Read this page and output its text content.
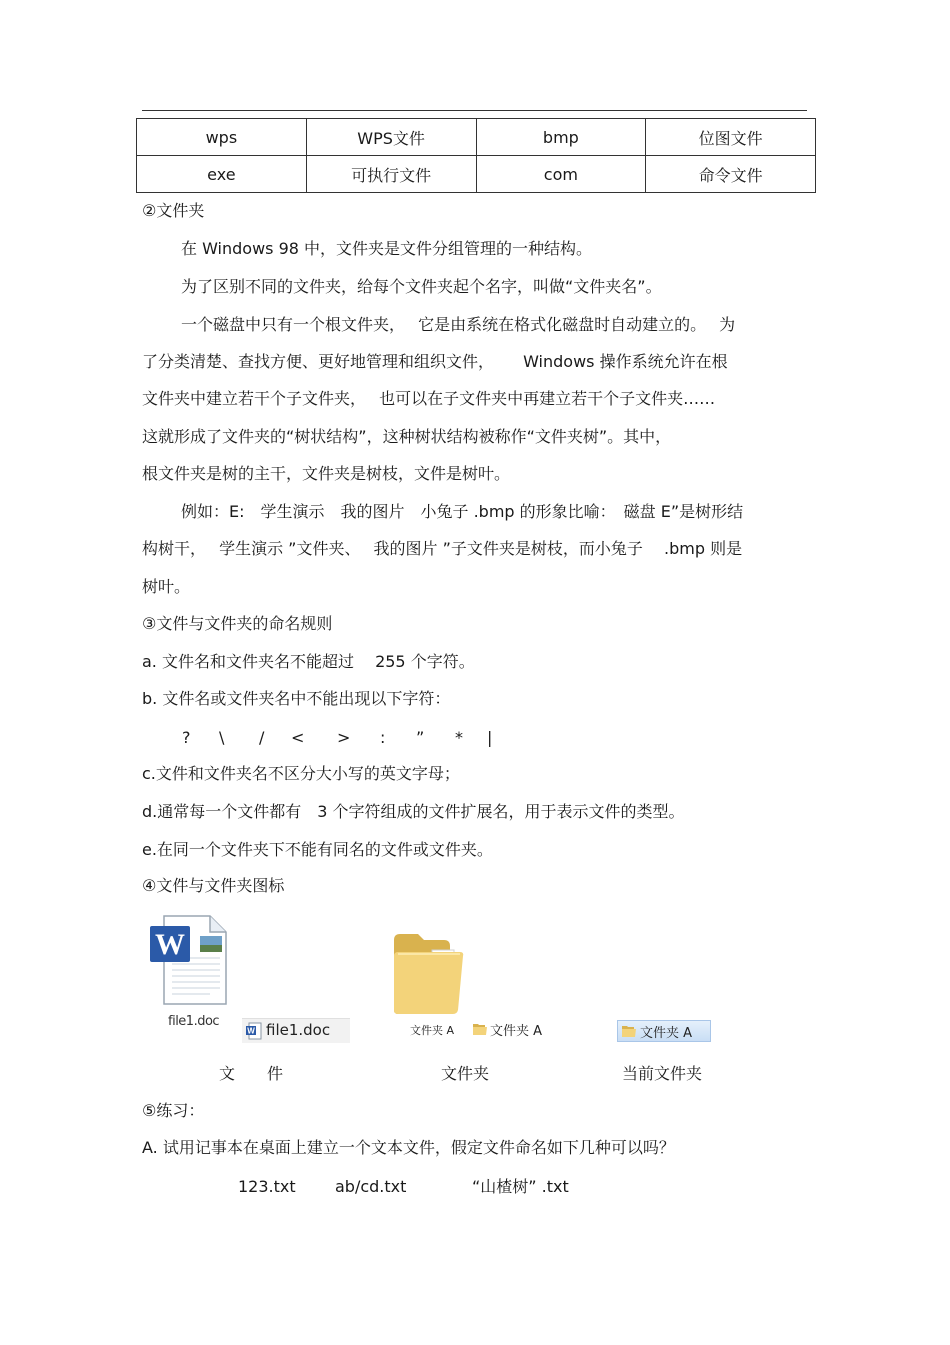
wps	WPS文件	bmp	位图文件
exe	可执行文件	com	命令文件
②文件夹
在 Windows 98 中，文件夹是文件分组管理的一种结构。
为了区别不同的文件夹，给每个文件夹起个名字，叫做“文件夹名”。
一个磁盘中只有一个根文件夹，　 它是由系统在格式化磁盘时自动建立的。　 为
了分类清楚、查找方便、更好地管理和组织文件，　　 Windows 操作系统允许在根
文件夹中建立若干个子文件夹，　 也可以在子文件夹中再建立若干个子文件夹……
这就形成了文件夹的“树状结构”，这种树状结构被称作“文件夹树”。其中，
根文件夹是树的主干，文件夹是树枝，文件是树叶。
例如：E:　学生演示　我的图片　小兔子 .bmp 的形象比喻：　磁盘 E”是树形结
构树干，　 学生演示 ”文件夹、　 我的图片 ”子文件夹是树枝，而小兔子　 .bmp 则是
树叶。
③文件与文件夹的命名规则
a. 文件名和文件夹名不能超过　 255 个字符。
b. 文件名或文件夹名中不能出现以下字符：
? \ / < > : ” * |
c.文件和文件夹名不区分大小写的英文字母；
d.通常每一个文件都有　3 个字符组成的文件扩展名，用于表示文件的类型。
e.在同一个文件夹下不能有同名的文件或文件夹。
④文件与文件夹图标
W
file1.doc
W file1.doc	文件夹 A	文件夹 A	文件夹 A
文　　件	文件夹	当前文件夹
⑤练习：
A. 试用记事本在桌面上建立一个文本文件，假定文件命名如下几种可以吗？
123.txt ab/cd.txt	“山楂树” .txt
